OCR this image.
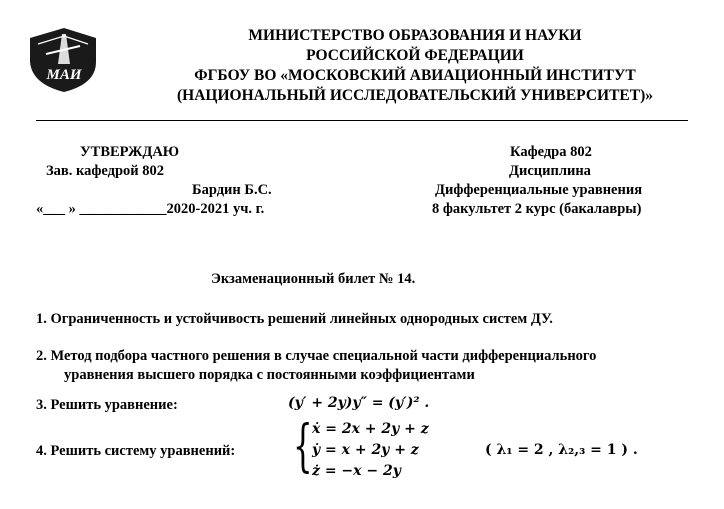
МАИ
МИНИСТЕРСТВО ОБРАЗОВАНИЯ И НАУКИ
РОССИЙСКОЙ ФЕДЕРАЦИИ
ФГБОУ ВО «МОСКОВСКИЙ АВИАЦИОННЫЙ ИНСТИТУТ
(НАЦИОНАЛЬНЫЙ ИССЛЕДОВАТЕЛЬСКИЙ УНИВЕРСИТЕТ)»
УТВЕРЖДАЮ
Зав. кафедрой 802
Бардин Б.С.
«___ » ____________2020-2021 уч. г.
Кафедра 802
Дисциплина
Дифференциальные уравнения
8 факультет 2 курс (бакалавры)
Экзаменационный билет № 14.
1. Ограниченность и устойчивость решений линейных однородных систем ДУ.
2. Метод подбора частного решения в случае специальной части дифференциального
уравнения высшего порядка с постоянными коэффициентами
3. Решить уравнение:	(y′ + 2y)y″ = (y′)² .
4. Решить систему уравнений: { ẋ = 2x + 2y + z
ẏ = x + 2y + z
ż = −x − 2y
( λ₁ = 2 , λ₂,₃ = 1 ) .
